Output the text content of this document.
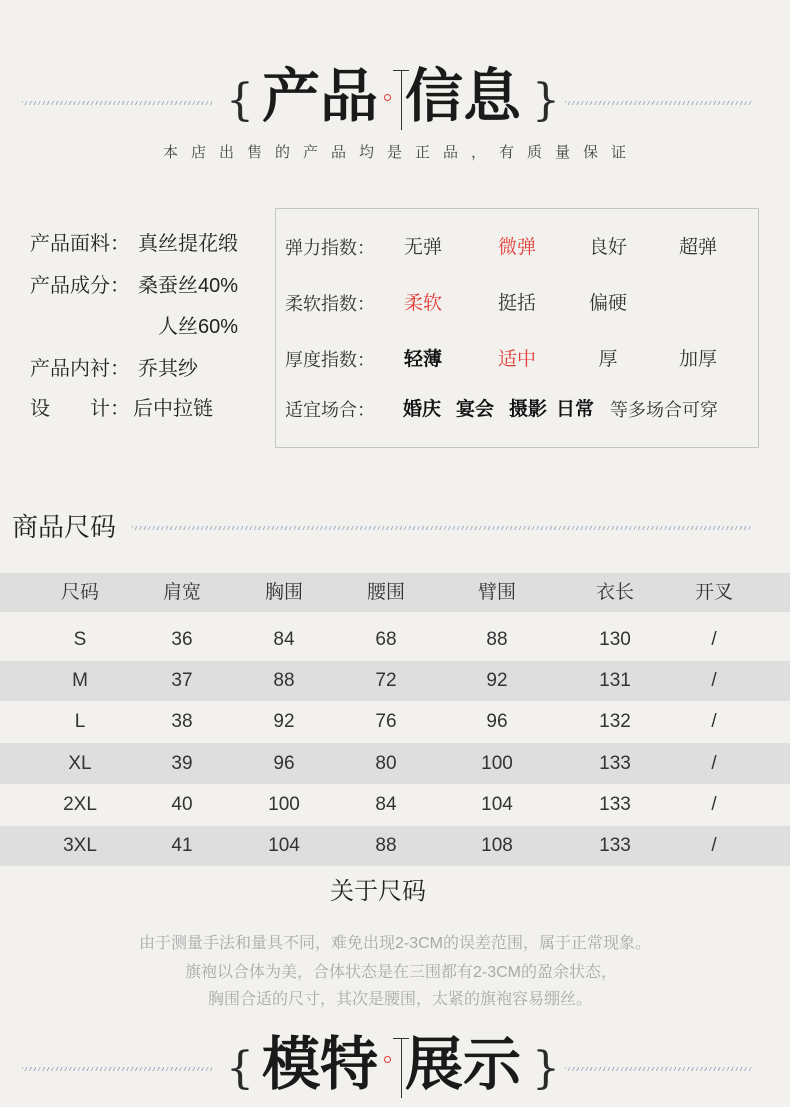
{ 产品 信息 }
本店出售的产品均是正品，有质量保证
产品面料： 真丝提花缎
产品成分： 桑蚕丝40%
人丝60%
产品内衬： 乔其纱
设　　计： 后中拉链
弹力指数： 无弹	微弹	良好	超弹
柔软指数： 柔软	挺括	偏硬
厚度指数： 轻薄	适中	厚	加厚
适宜场合： 婚庆 宴会 摄影 日常 等多场合可穿
商品尺码
尺码	肩宽	胸围	腰围	臂围	衣长	开叉
S	36	84	68	88	130	/
M	37	88	72	92	131	/
L	38	92	76	96	132	/
XL	39	96	80	100	133	/
2XL	40	100	84	104	133	/
3XL	41	104	88	108	133	/
关于尺码
由于测量手法和量具不同，难免出现2-3CM的误差范围，属于正常现象。
旗袍以合体为美，合体状态是在三围都有2-3CM的盈余状态，
胸围合适的尺寸，其次是腰围，太紧的旗袍容易绷丝。
{ 模特 展示 }
